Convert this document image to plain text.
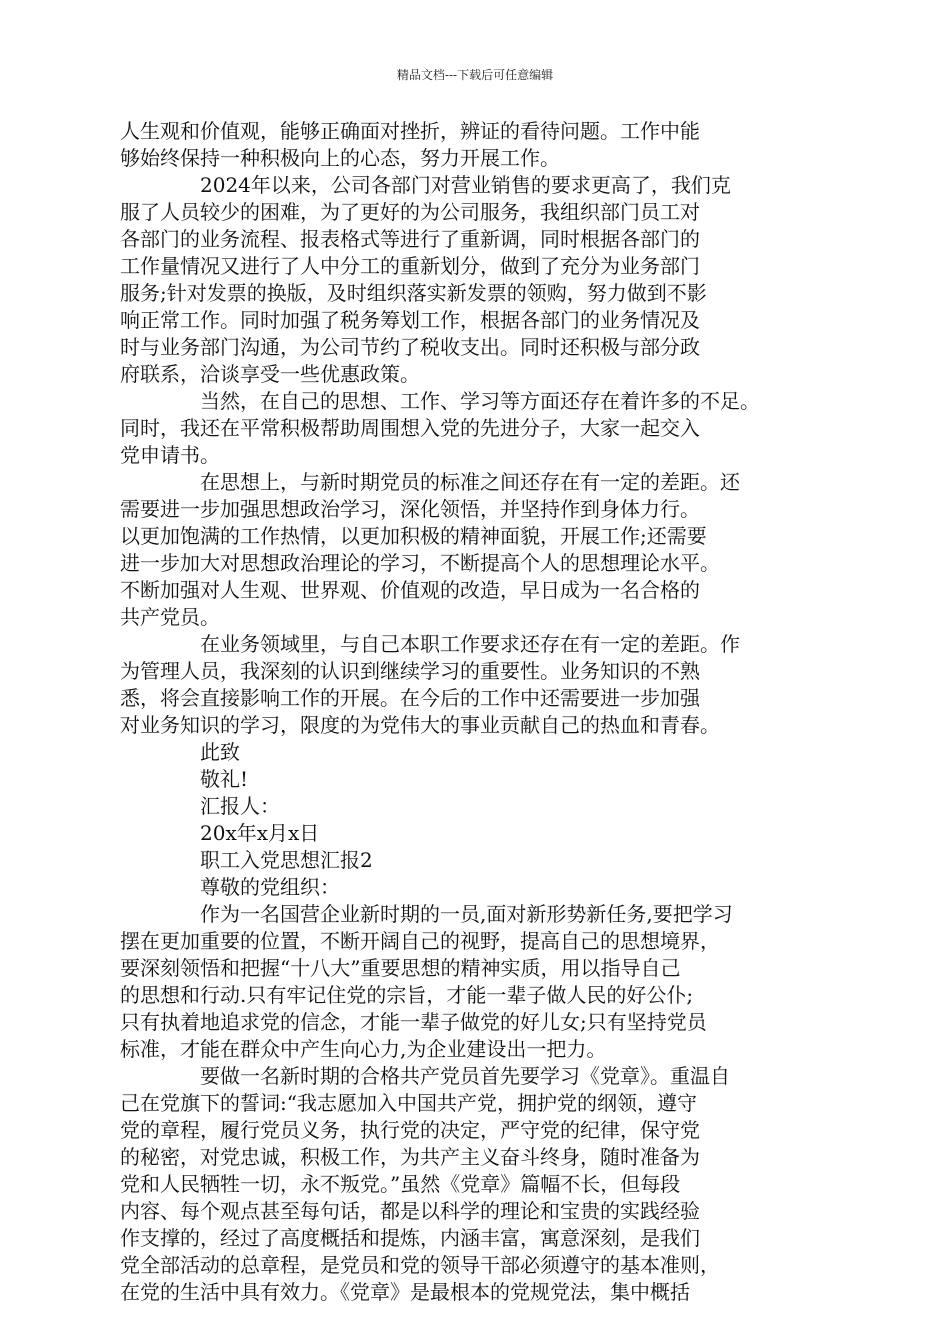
精品文档---下载后可任意编辑
人生观和价值观，能够正确面对挫折，辨证的看待问题。工作中能
够始终保持一种积极向上的心态，努力开展工作。
2024年以来，公司各部门对营业销售的要求更高了，我们克
服了人员较少的困难，为了更好的为公司服务，我组织部门员工对
各部门的业务流程、报表格式等进行了重新调，同时根据各部门的
工作量情况又进行了人中分工的重新划分，做到了充分为业务部门
服务;针对发票的换版，及时组织落实新发票的领购，努力做到不影
响正常工作。同时加强了税务筹划工作，根据各部门的业务情况及
时与业务部门沟通，为公司节约了税收支出。同时还积极与部分政
府联系，洽谈享受一些优惠政策。
当然，在自己的思想、工作、学习等方面还存在着许多的不足。
同时，我还在平常积极帮助周围想入党的先进分子，大家一起交入
党申请书。
在思想上，与新时期党员的标准之间还存在有一定的差距。还
需要进一步加强思想政治学习，深化领悟，并坚持作到身体力行。
以更加饱满的工作热情，以更加积极的精神面貌，开展工作;还需要
进一步加大对思想政治理论的学习，不断提高个人的思想理论水平。
不断加强对人生观、世界观、价值观的改造，早日成为一名合格的
共产党员。
在业务领域里，与自己本职工作要求还存在有一定的差距。作
为管理人员，我深刻的认识到继续学习的重要性。业务知识的不熟
悉，将会直接影响工作的开展。在今后的工作中还需要进一步加强
对业务知识的学习，限度的为党伟大的事业贡献自己的热血和青春。
此致
敬礼!
汇报人：
20x年x月x日
职工入党思想汇报2
尊敬的党组织：
作为一名国营企业新时期的一员,面对新形势新任务,要把学习
摆在更加重要的位置，不断开阔自己的视野，提高自己的思想境界，
要深刻领悟和把握“十八大”重要思想的精神实质，用以指导自己
的思想和行动.只有牢记住党的宗旨，才能一辈子做人民的好公仆;
只有执着地追求党的信念，才能一辈子做党的好儿女;只有坚持党员
标准，才能在群众中产生向心力,为企业建设出一把力。
要做一名新时期的合格共产党员首先要学习《党章》。重温自
己在党旗下的誓词:“我志愿加入中国共产党，拥护党的纲领，遵守
党的章程，履行党员义务，执行党的决定，严守党的纪律，保守党
的秘密，对党忠诚，积极工作，为共产主义奋斗终身，随时准备为
党和人民牺牲一切，永不叛党。”虽然《党章》篇幅不长，但每段
内容、每个观点甚至每句话，都是以科学的理论和宝贵的实践经验
作支撑的，经过了高度概括和提炼，内涵丰富，寓意深刻，是我们
党全部活动的总章程，是党员和党的领导干部必须遵守的基本准则，
在党的生活中具有效力。《党章》是最根本的党规党法，集中概括
